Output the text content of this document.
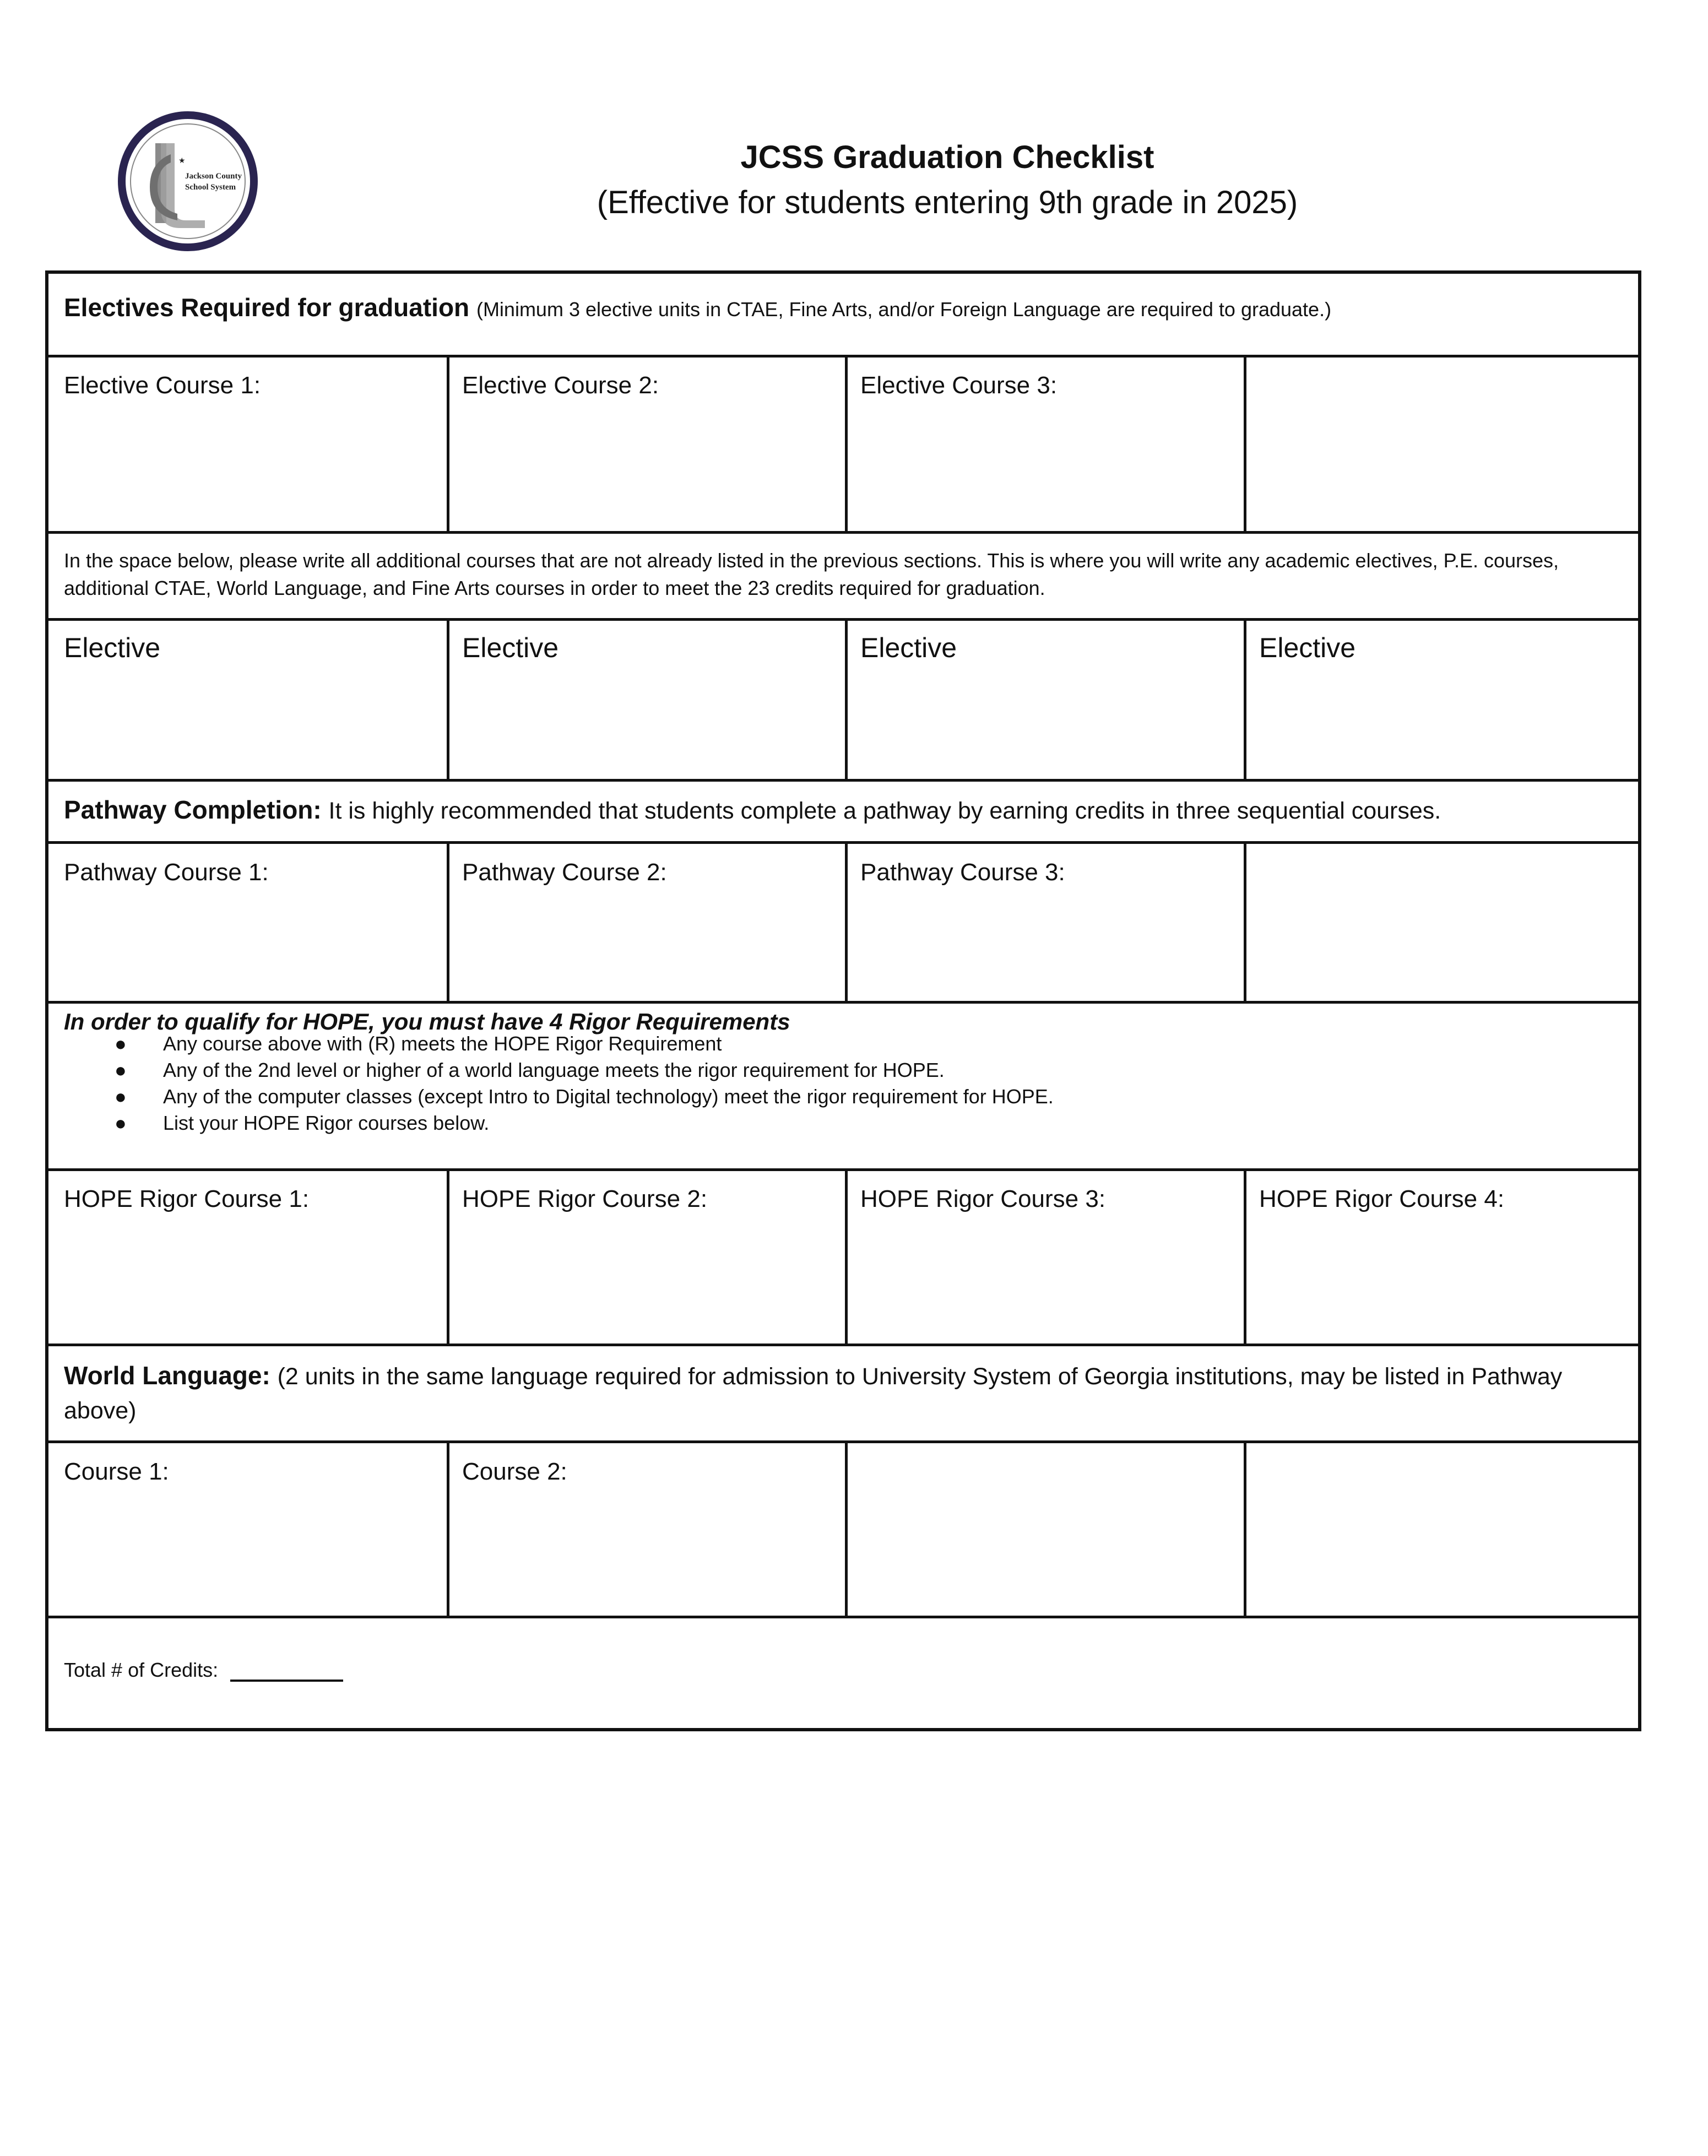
★
Jackson County
School System
JCSS Graduation Checklist
(Effective for students entering 9th grade in 2025)
Electives Required for graduation (Minimum 3 elective units in CTAE, Fine Arts, and/or Foreign Language are required to graduate.)
Elective Course 1:	Elective Course 2:	Elective Course 3:
In the space below, please write all additional courses that are not already listed in the previous sections. This is where you will write any academic electives, P.E. courses, additional CTAE, World Language, and Fine Arts courses in order to meet the 23 credits required for graduation.
Elective	Elective	Elective	Elective
Pathway Completion: It is highly recommended that students complete a pathway by earning credits in three sequential courses.
Pathway Course 1:	Pathway Course 2:	Pathway Course 3:
In order to qualify for HOPE, you must have 4 Rigor Requirements
● Any course above with (R) meets the HOPE Rigor Requirement
● Any of the 2nd level or higher of a world language meets the rigor requirement for HOPE.
● Any of the computer classes (except Intro to Digital technology) meet the rigor requirement for HOPE.
● List your HOPE Rigor courses below.
HOPE Rigor Course 1:	HOPE Rigor Course 2:	HOPE Rigor Course 3:	HOPE Rigor Course 4:
World Language: (2 units in the same language required for admission to University System of Georgia institutions, may be listed in Pathway above)
Course 1:	Course 2:
Total # of Credits:
